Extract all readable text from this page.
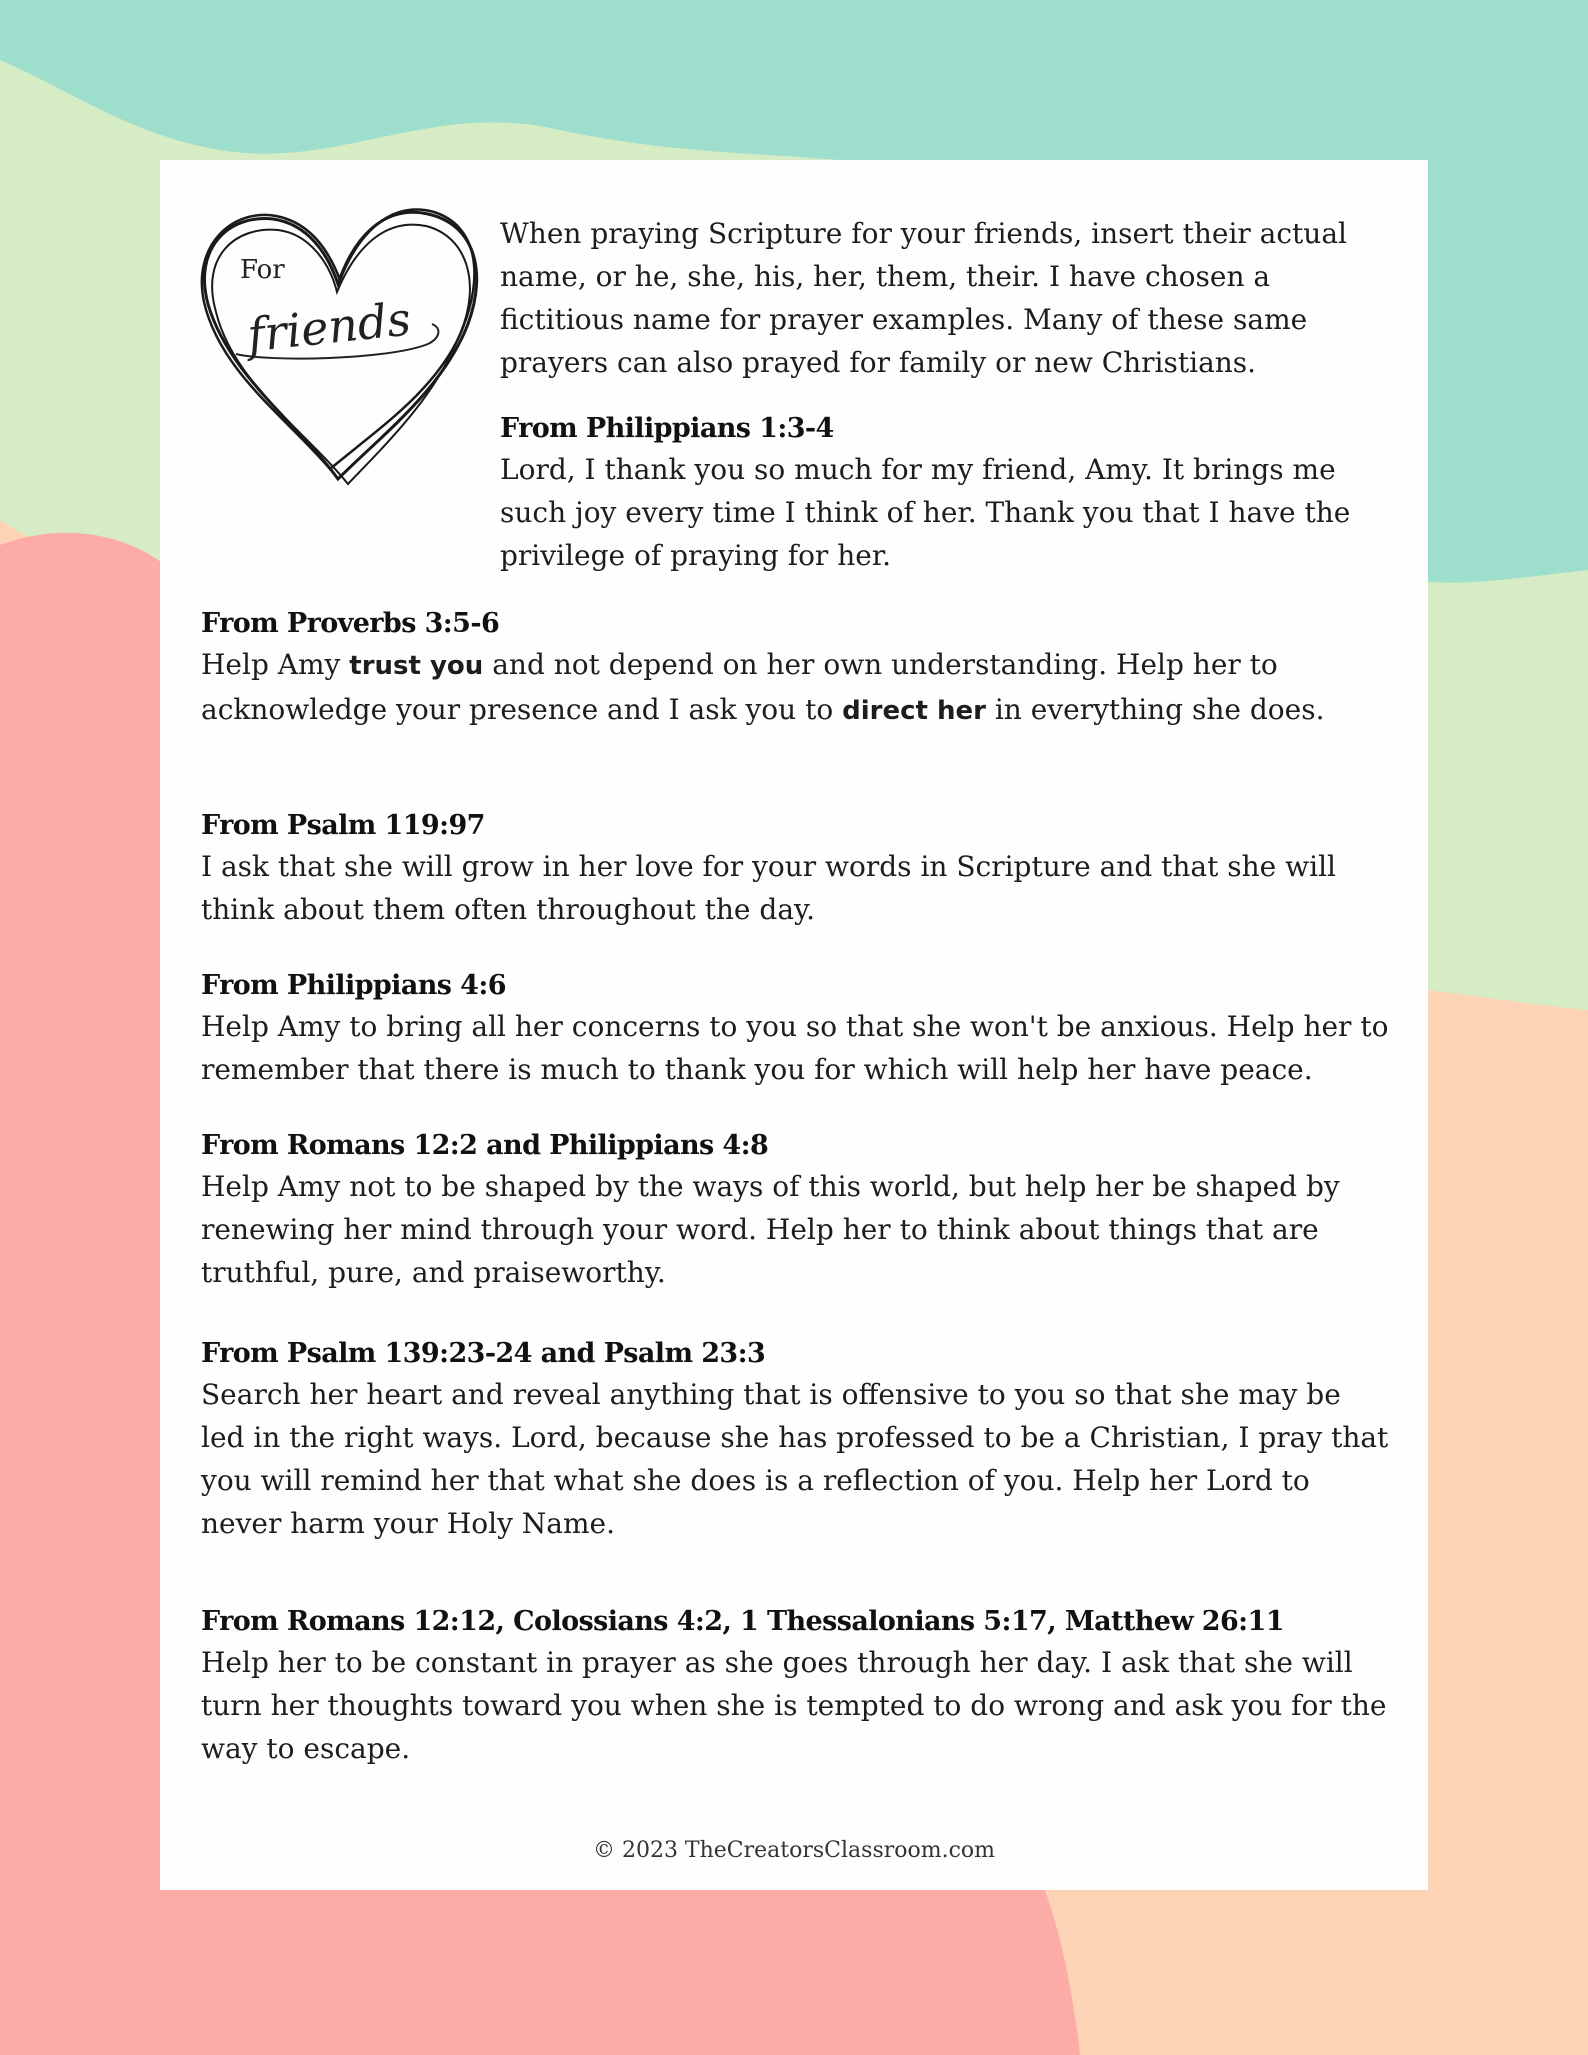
For
friends

When praying Scripture for your friends, insert their actual name, or he, she, his, her, them, their. I have chosen a fictitious name for prayer examples. Many of these same prayers can also prayed for family or new Christians.

From Philippians 1:3-4

Lord, I thank you so much for my friend, Amy. It brings me such joy every time I think of her. Thank you that I have the privilege of praying for her.

From Proverbs 3:5-6

Help Amy trust you and not depend on her own understanding. Help her to acknowledge your presence and I ask you to direct her in everything she does.

From Psalm 119:97

I ask that she will grow in her love for your words in Scripture and that she will think about them often throughout the day.

From Philippians 4:6

Help Amy to bring all her concerns to you so that she won't be anxious. Help her to remember that there is much to thank you for which will help her have peace.

From Romans 12:2 and Philippians 4:8

Help Amy not to be shaped by the ways of this world, but help her be shaped by renewing her mind through your word. Help her to think about things that are truthful, pure, and praiseworthy.

From Psalm 139:23-24 and Psalm 23:3

Search her heart and reveal anything that is offensive to you so that she may be led in the right ways. Lord, because she has professed to be a Christian, I pray that you will remind her that what she does is a reflection of you. Help her Lord to never harm your Holy Name.

From Romans 12:12, Colossians 4:2, 1 Thessalonians 5:17, Matthew 26:11

Help her to be constant in prayer as she goes through her day. I ask that she will turn her thoughts toward you when she is tempted to do wrong and ask you for the way to escape.

© 2023 TheCreatorsClassroom.com
